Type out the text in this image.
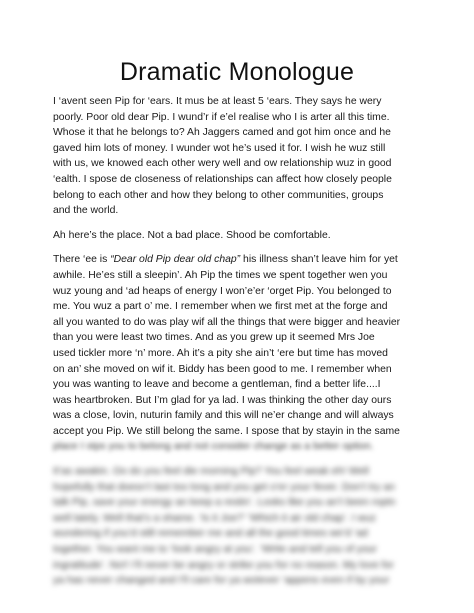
Dramatic Monologue
I ‘avent seen Pip for ‘ears. It mus be at least 5 ‘ears. They says he wery
poorly. Poor old dear Pip. I wund’r if e’el realise who I is arter all this time.
Whose it that he belongs to? Ah Jaggers camed and got him once and he
gaved him lots of money. I wunder wot he’s used it for. I wish he wuz still
with us, we knowed each other wery well and ow relationship wuz in good
‘ealth. I spose de closeness of relationships can affect how closely people
belong to each other and how they belong to other communities, groups
and the world.
Ah here’s the place. Not a bad place. Shood be comfortable.
There ‘ee is “Dear old Pip dear old chap” his illness shan’t leave him for yet
awhile. He’es still a sleepin’. Ah Pip the times we spent together wen you
wuz young and ‘ad heaps of energy I won’e’er ‘orget Pip. You belonged to
me. You wuz a part o’ me. I remember when we first met at the forge and
all you wanted to do was play wif all the things that were bigger and heavier
than you were least two times. And as you grew up it seemed Mrs Joe
used tickler more ‘n’ more. Ah it’s a pity she ain’t ‘ere but time has moved
on an’ she moved on wif it. Biddy has been good to me. I remember when
you was wanting to leave and become a gentleman, find a better life....I
was heartbroken. But I’m glad for ya lad. I was thinking the other day ours
was a close, lovin, nuturin family and this will ne’er change and will always
accept you Pip. We still belong the same. I spose that by stayin in the same
place I stps you to belong and not consider change as a better option.
It’as awakin. Oo do you feel die morning Pip? You feel weak eh! Well
hopefully that doesn’t last too long and you get o’er your fever. Don’t try an
talk Pip, save your energy an keep a restin’. Looks like you an’t been roptn
well lately. Well that’s a shame. ‘Is it Joe?’ ‘Which it air old chap’. I wuz
wundering if you’d still remember me and all the good times we’d ‘ad
together. You want me to ‘look angry at you’. ‘Write and tell you of your
ingratitude’. No!! I’ll never be angry or strike you for no reason. My love for
ya has never changed and I’ll care for ya wotever ‘appens even if by your
